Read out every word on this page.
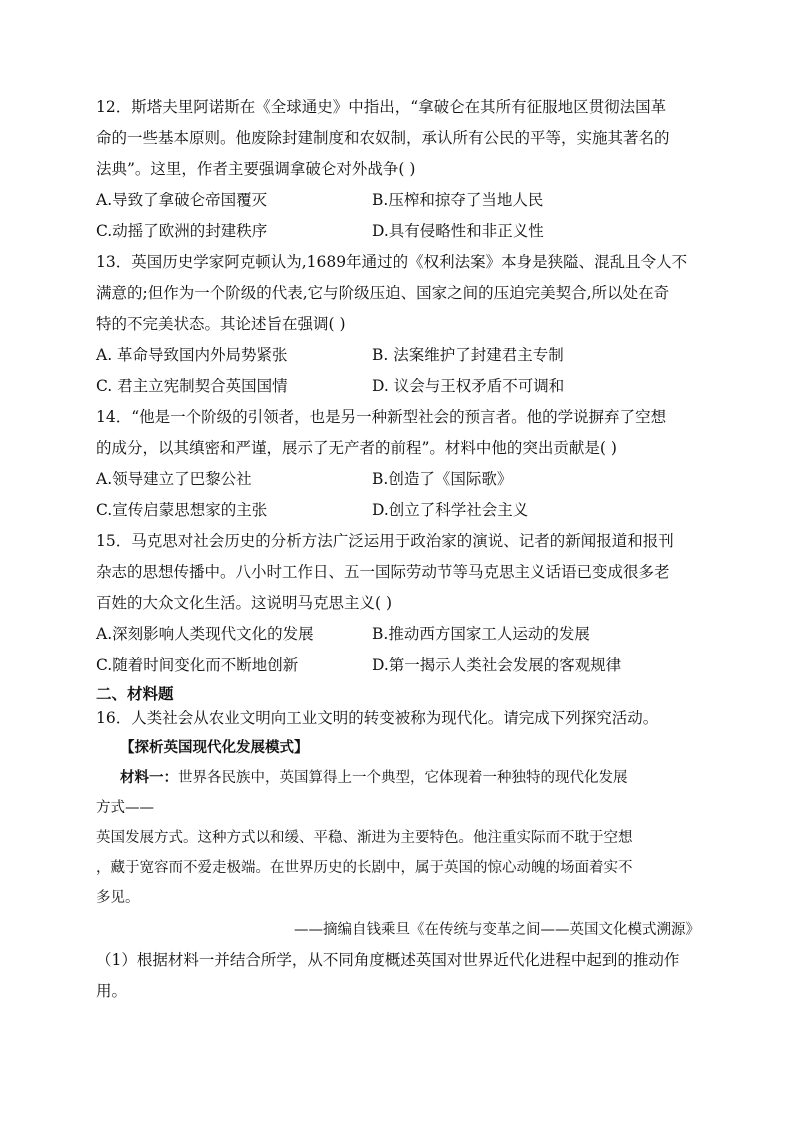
12．斯塔夫里阿诺斯在《全球通史》中指出，“拿破仑在其所有征服地区贯彻法国革
命的一些基本原则。他废除封建制度和农奴制，承认所有公民的平等，实施其著名的
法典”。这里，作者主要强调拿破仑对外战争( )
A.导致了拿破仑帝国覆灭	B.压榨和掠夺了当地人民
C.动摇了欧洲的封建秩序	D.具有侵略性和非正义性
13．英国历史学家阿克顿认为,1689年通过的《权利法案》本身是狭隘、混乱且令人不
满意的;但作为一个阶级的代表,它与阶级压迫、国家之间的压迫完美契合,所以处在奇
特的不完美状态。其论述旨在强调( )
A. 革命导致国内外局势紧张	B. 法案维护了封建君主专制
C. 君主立宪制契合英国国情	D. 议会与王权矛盾不可调和
14．“他是一个阶级的引领者，也是另一种新型社会的预言者。他的学说摒弃了空想
的成分，以其缜密和严谨，展示了无产者的前程”。材料中他的突出贡献是( )
A.领导建立了巴黎公社	B.创造了《国际歌》
C.宣传启蒙思想家的主张	D.创立了科学社会主义
15．马克思对社会历史的分析方法广泛运用于政治家的演说、记者的新闻报道和报刊
杂志的思想传播中。八小时工作日、五一国际劳动节等马克思主义话语已变成很多老
百姓的大众文化生活。这说明马克思主义( )
A.深刻影响人类现代文化的发展	B.推动西方国家工人运动的发展
C.随着时间变化而不断地创新	D.第一揭示人类社会发展的客观规律
二、材料题
16．人类社会从农业文明向工业文明的转变被称为现代化。请完成下列探究活动。
【探析英国现代化发展模式】
材料一：世界各民族中，英国算得上一个典型，它体现着一种独特的现代化发展
方式——
英国发展方式。这种方式以和缓、平稳、渐进为主要特色。他注重实际而不耽于空想
，藏于宽容而不爱走极端。在世界历史的长剧中，属于英国的惊心动魄的场面着实不
多见。
——摘编自钱乘旦《在传统与变革之间——英国文化模式溯源》
（1）根据材料一并结合所学，从不同角度概述英国对世界近代化进程中起到的推动作
用。
